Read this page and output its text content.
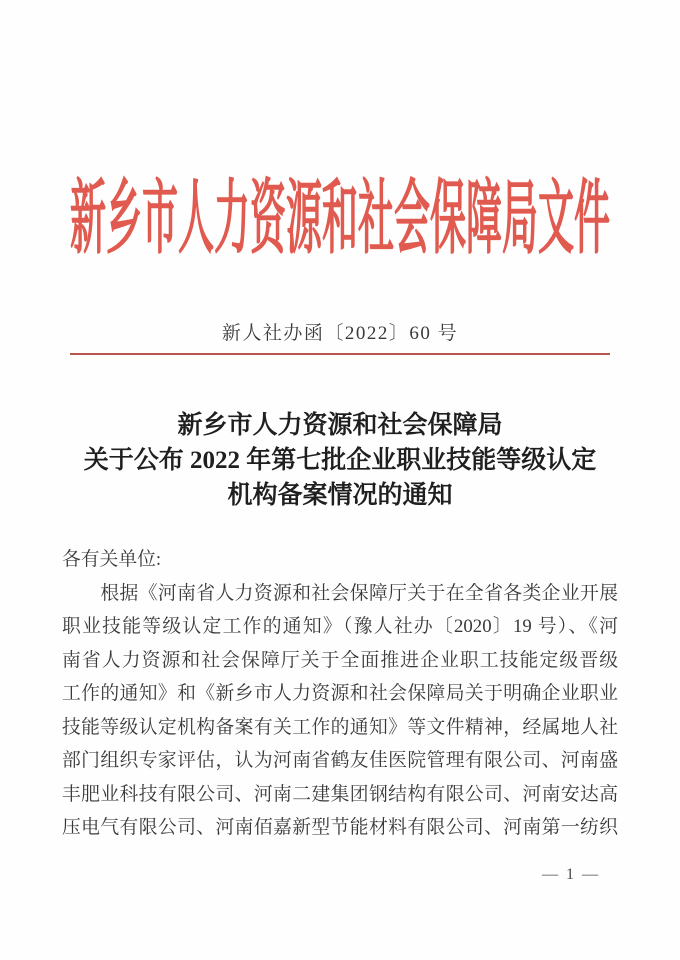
新乡市人力资源和社会保障局文件
新人社办函〔2022〕60 号
新乡市人力资源和社会保障局
关于公布 2022 年第七批企业职业技能等级认定
机构备案情况的通知
各有关单位:
　　根据《河南省人力资源和社会保障厅关于在全省各类企业开展
职业技能等级认定工作的通知》（豫人社办〔2020〕19 号）、《河
南省人力资源和社会保障厅关于全面推进企业职工技能定级晋级
工作的通知》和《新乡市人力资源和社会保障局关于明确企业职业
技能等级认定机构备案有关工作的通知》等文件精神，经属地人社
部门组织专家评估，认为河南省鹤友佳医院管理有限公司、河南盛
丰肥业科技有限公司、河南二建集团钢结构有限公司、河南安达高
压电气有限公司、河南佰嘉新型节能材料有限公司、河南第一纺织
— 1 —
